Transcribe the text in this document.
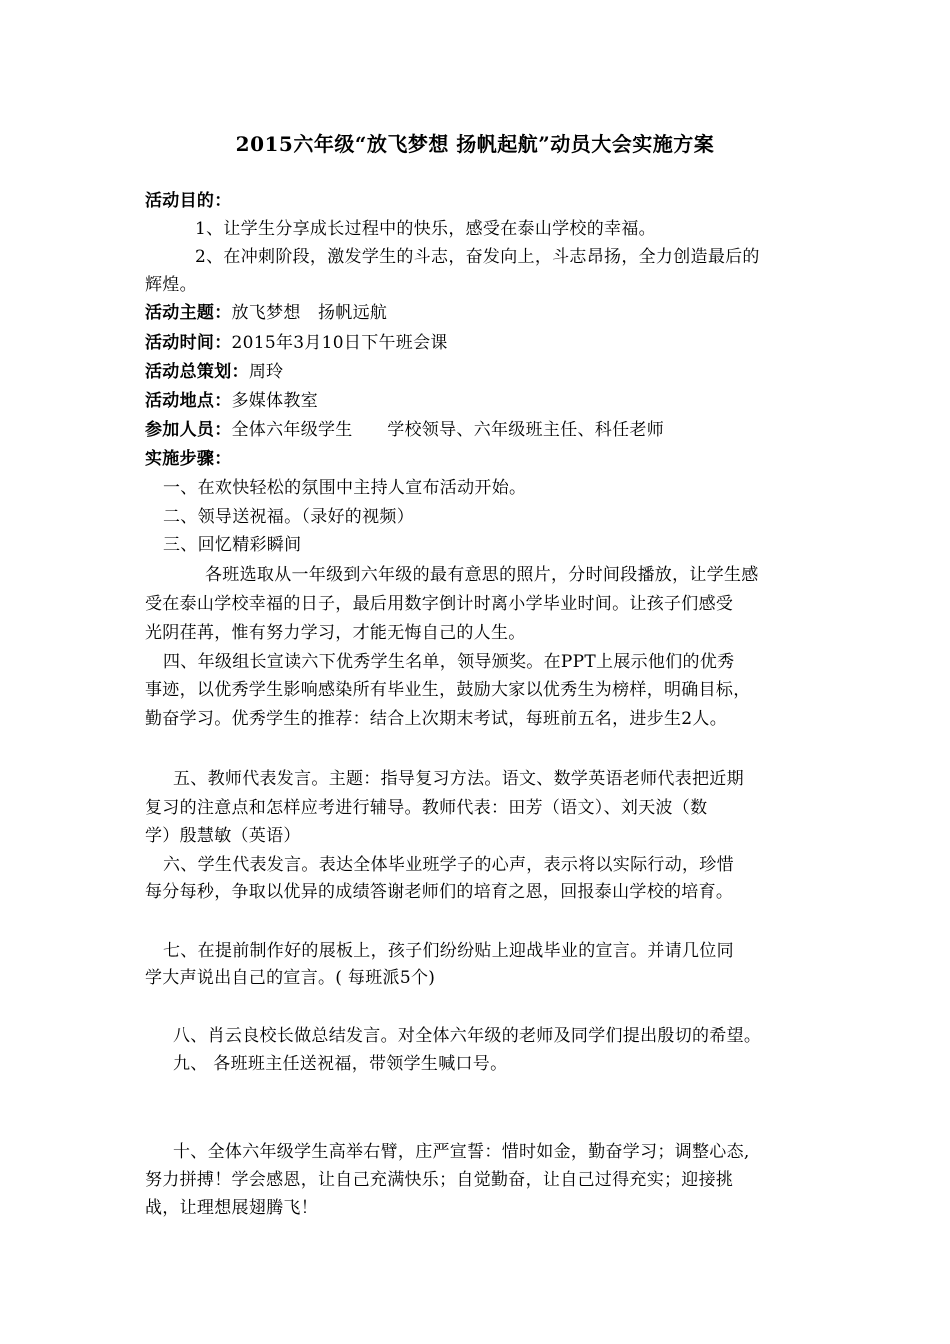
2015六年级“放飞梦想 扬帆起航”动员大会实施方案
活动目的：
1、让学生分享成长过程中的快乐，感受在泰山学校的幸福。
2、在冲刺阶段，激发学生的斗志，奋发向上，斗志昂扬，全力创造最后的
辉煌。
活动主题：放飞梦想　扬帆远航
活动时间：2015年3月10日下午班会课
活动总策划：周玲
活动地点：多媒体教室
参加人员：全体六年级学生　　学校领导、六年级班主任、科任老师
实施步骤：
一、在欢快轻松的氛围中主持人宣布活动开始。
二、领导送祝福。（录好的视频）
三、回忆精彩瞬间
各班选取从一年级到六年级的最有意思的照片，分时间段播放，让学生感
受在泰山学校幸福的日子，最后用数字倒计时离小学毕业时间。让孩子们感受
光阴荏苒，惟有努力学习，才能无悔自己的人生。
四、年级组长宣读六下优秀学生名单，领导颁奖。在PPT上展示他们的优秀
事迹，以优秀学生影响感染所有毕业生，鼓励大家以优秀生为榜样，明确目标，
勤奋学习。优秀学生的推荐：结合上次期末考试，每班前五名，进步生2人。
五、教师代表发言。主题：指导复习方法。语文、数学英语老师代表把近期
复习的注意点和怎样应考进行辅导。教师代表：田芳（语文）、刘天波（数
学）殷慧敏（英语）
六、学生代表发言。表达全体毕业班学子的心声，表示将以实际行动，珍惜
每分每秒，争取以优异的成绩答谢老师们的培育之恩，回报泰山学校的培育。
七、在提前制作好的展板上，孩子们纷纷贴上迎战毕业的宣言。并请几位同
学大声说出自己的宣言。( 每班派5个)
八、肖云良校长做总结发言。对全体六年级的老师及同学们提出殷切的希望。
九、 各班班主任送祝福，带领学生喊口号。
十、全体六年级学生高举右臂，庄严宣誓：惜时如金，勤奋学习；调整心态,
努力拼搏！学会感恩，让自己充满快乐；自觉勤奋，让自己过得充实；迎接挑
战，让理想展翅腾飞！
